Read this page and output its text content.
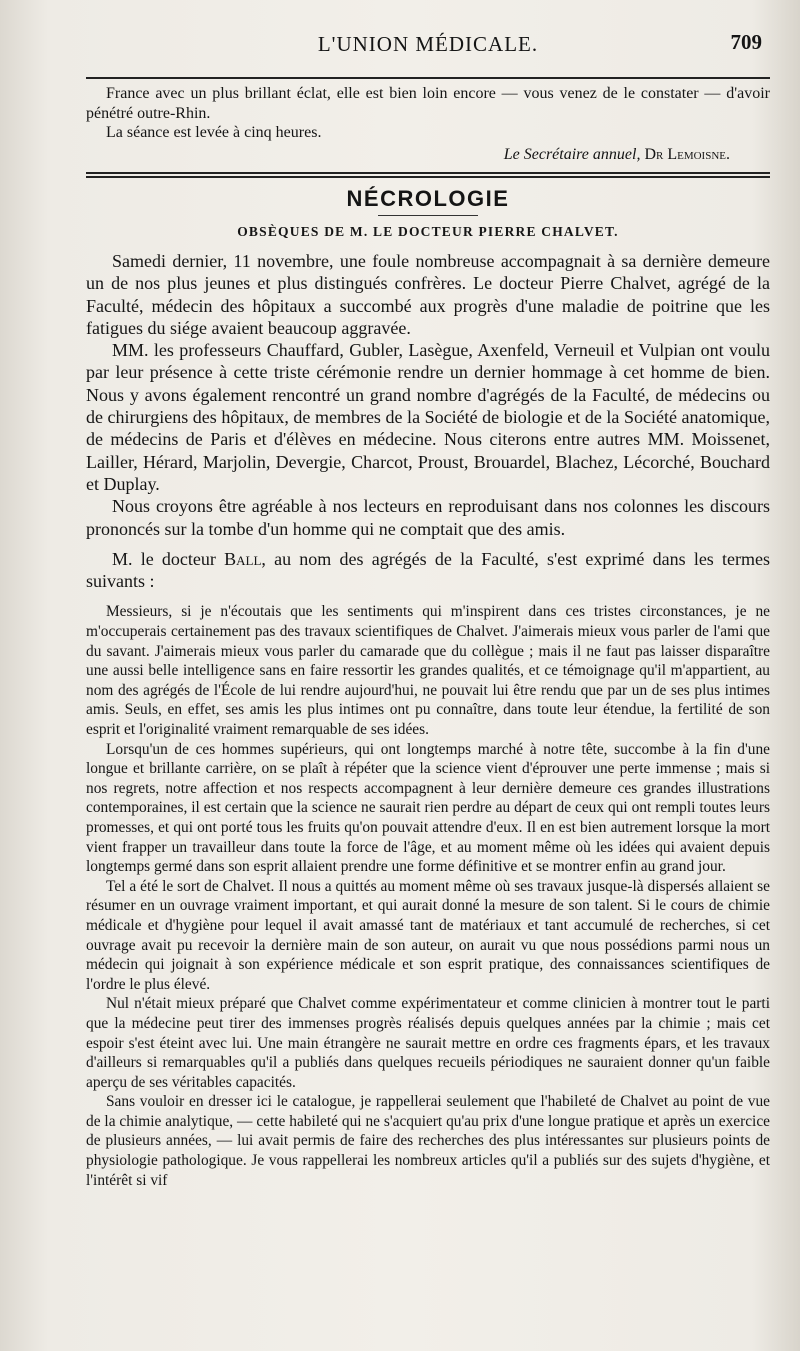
L'UNION MÉDICALE.	709

France avec un plus brillant éclat, elle est bien loin encore — vous venez de le constater — d'avoir pénétré outre-Rhin.

La séance est levée à cinq heures.

Le Secrétaire annuel, Dr Lemoisne.
NÉCROLOGIE
OBSÈQUES DE M. LE DOCTEUR PIERRE CHALVET.

Samedi dernier, 11 novembre, une foule nombreuse accompagnait à sa dernière demeure un de nos plus jeunes et plus distingués confrères. Le docteur Pierre Chalvet, agrégé de la Faculté, médecin des hôpitaux a succombé aux progrès d'une maladie de poitrine que les fatigues du siége avaient beaucoup aggravée.

MM. les professeurs Chauffard, Gubler, Lasègue, Axenfeld, Verneuil et Vulpian ont voulu par leur présence à cette triste cérémonie rendre un dernier hommage à cet homme de bien. Nous y avons également rencontré un grand nombre d'agrégés de la Faculté, de médecins ou de chirurgiens des hôpitaux, de membres de la Société de biologie et de la Société anatomique, de médecins de Paris et d'élèves en médecine. Nous citerons entre autres MM. Moissenet, Lailler, Hérard, Marjolin, Devergie, Charcot, Proust, Brouardel, Blachez, Lécorché, Bouchard et Duplay.

Nous croyons être agréable à nos lecteurs en reproduisant dans nos colonnes les discours prononcés sur la tombe d'un homme qui ne comptait que des amis.

M. le docteur Ball, au nom des agrégés de la Faculté, s'est exprimé dans les termes suivants :

Messieurs, si je n'écoutais que les sentiments qui m'inspirent dans ces tristes circonstances, je ne m'occuperais certainement pas des travaux scientifiques de Chalvet. J'aimerais mieux vous parler de l'ami que du savant. J'aimerais mieux vous parler du camarade que du collègue ; mais il ne faut pas laisser disparaître une aussi belle intelligence sans en faire ressortir les grandes qualités, et ce témoignage qu'il m'appartient, au nom des agrégés de l'École de lui rendre aujourd'hui, ne pouvait lui être rendu que par un de ses plus intimes amis. Seuls, en effet, ses amis les plus intimes ont pu connaître, dans toute leur étendue, la fertilité de son esprit et l'originalité vraiment remarquable de ses idées.

Lorsqu'un de ces hommes supérieurs, qui ont longtemps marché à notre tête, succombe à la fin d'une longue et brillante carrière, on se plaît à répéter que la science vient d'éprouver une perte immense ; mais si nos regrets, notre affection et nos respects accompagnent à leur dernière demeure ces grandes illustrations contemporaines, il est certain que la science ne saurait rien perdre au départ de ceux qui ont rempli toutes leurs promesses, et qui ont porté tous les fruits qu'on pouvait attendre d'eux. Il en est bien autrement lorsque la mort vient frapper un travailleur dans toute la force de l'âge, et au moment même où les idées qui avaient depuis longtemps germé dans son esprit allaient prendre une forme définitive et se montrer enfin au grand jour.

Tel a été le sort de Chalvet. Il nous a quittés au moment même où ses travaux jusque-là dispersés allaient se résumer en un ouvrage vraiment important, et qui aurait donné la mesure de son talent. Si le cours de chimie médicale et d'hygiène pour lequel il avait amassé tant de matériaux et tant accumulé de recherches, si cet ouvrage avait pu recevoir la dernière main de son auteur, on aurait vu que nous possédions parmi nous un médecin qui joignait à son expérience médicale et son esprit pratique, des connaissances scientifiques de l'ordre le plus élevé.

Nul n'était mieux préparé que Chalvet comme expérimentateur et comme clinicien à montrer tout le parti que la médecine peut tirer des immenses progrès réalisés depuis quelques années par la chimie ; mais cet espoir s'est éteint avec lui. Une main étrangère ne saurait mettre en ordre ces fragments épars, et les travaux d'ailleurs si remarquables qu'il a publiés dans quelques recueils périodiques ne sauraient donner qu'un faible aperçu de ses véritables capacités.

Sans vouloir en dresser ici le catalogue, je rappellerai seulement que l'habileté de Chalvet au point de vue de la chimie analytique, — cette habileté qui ne s'acquiert qu'au prix d'une longue pratique et après un exercice de plusieurs années, — lui avait permis de faire des recherches des plus intéressantes sur plusieurs points de physiologie pathologique. Je vous rappellerai les nombreux articles qu'il a publiés sur des sujets d'hygiène, et l'intérêt si vif
